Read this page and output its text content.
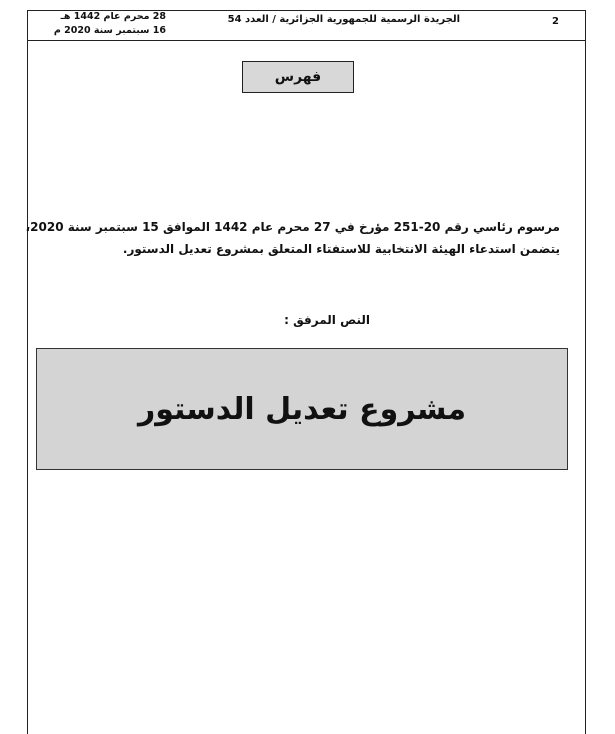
2
الجريدة الرسمية للجمهورية الجزائرية / العدد 54
28 محرم عام 1442 هـ
16 سبتمبر سنة 2020 م
فهرس
مرسوم رئاسي رقم 20-251 مؤرخ في 27 محرم عام 1442 الموافق 15 سبتمبر سنة 2020،
يتضمن استدعاء الهيئة الانتخابية للاستفتاء المتعلق بمشروع تعديل الدستور.
النص المرفق :
مشروع تعديل الدستور
